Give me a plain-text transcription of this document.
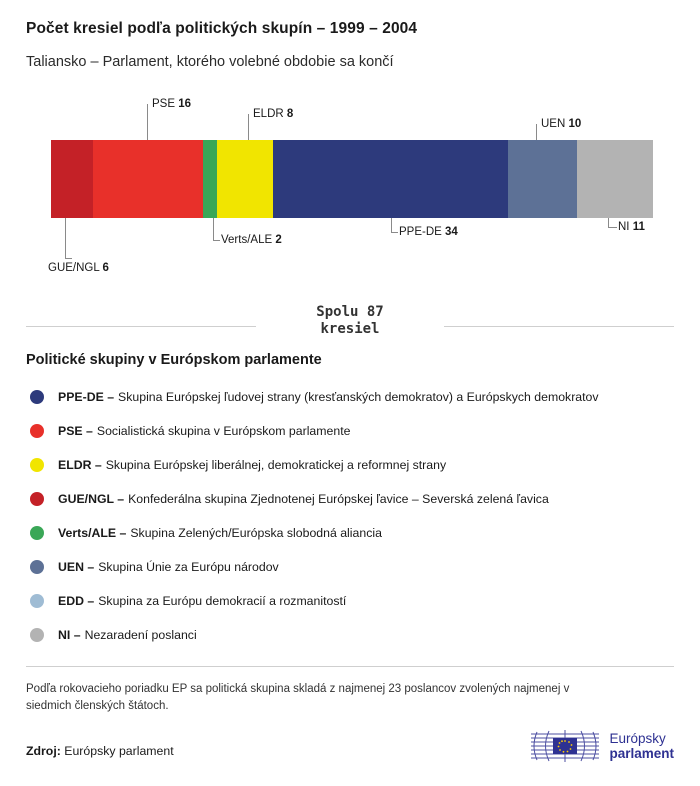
Počet kresiel podľa politických skupín – 1999 – 2004
Taliansko – Parlament, ktorého volebné obdobie sa končí
PSE 16
ELDR 8
UEN 10
NI 11
PPE-DE 34
Verts/ALE 2
GUE/NGL 6
Spolu 87
kresiel
Politické skupiny v Európskom parlamente
PPE-DE – Skupina Európskej ľudovej strany (kresťanských demokratov) a Európskych demokratov
PSE – Socialistická skupina v Európskom parlamente
ELDR – Skupina Európskej liberálnej, demokratickej a reformnej strany
GUE/NGL – Konfederálna skupina Zjednotenej Európskej ľavice – Severská zelená ľavica
Verts/ALE – Skupina Zelených/Európska slobodná aliancia
UEN – Skupina Únie za Európu národov
EDD – Skupina za Európu demokracií a rozmanitostí
NI – Nezaradení poslanci
Podľa rokovacieho poriadku EP sa politická skupina skladá z najmenej 23 poslancov zvolených najmenej v siedmich členských štátoch.
Zdroj: Európsky parlament
Európsky
parlament
